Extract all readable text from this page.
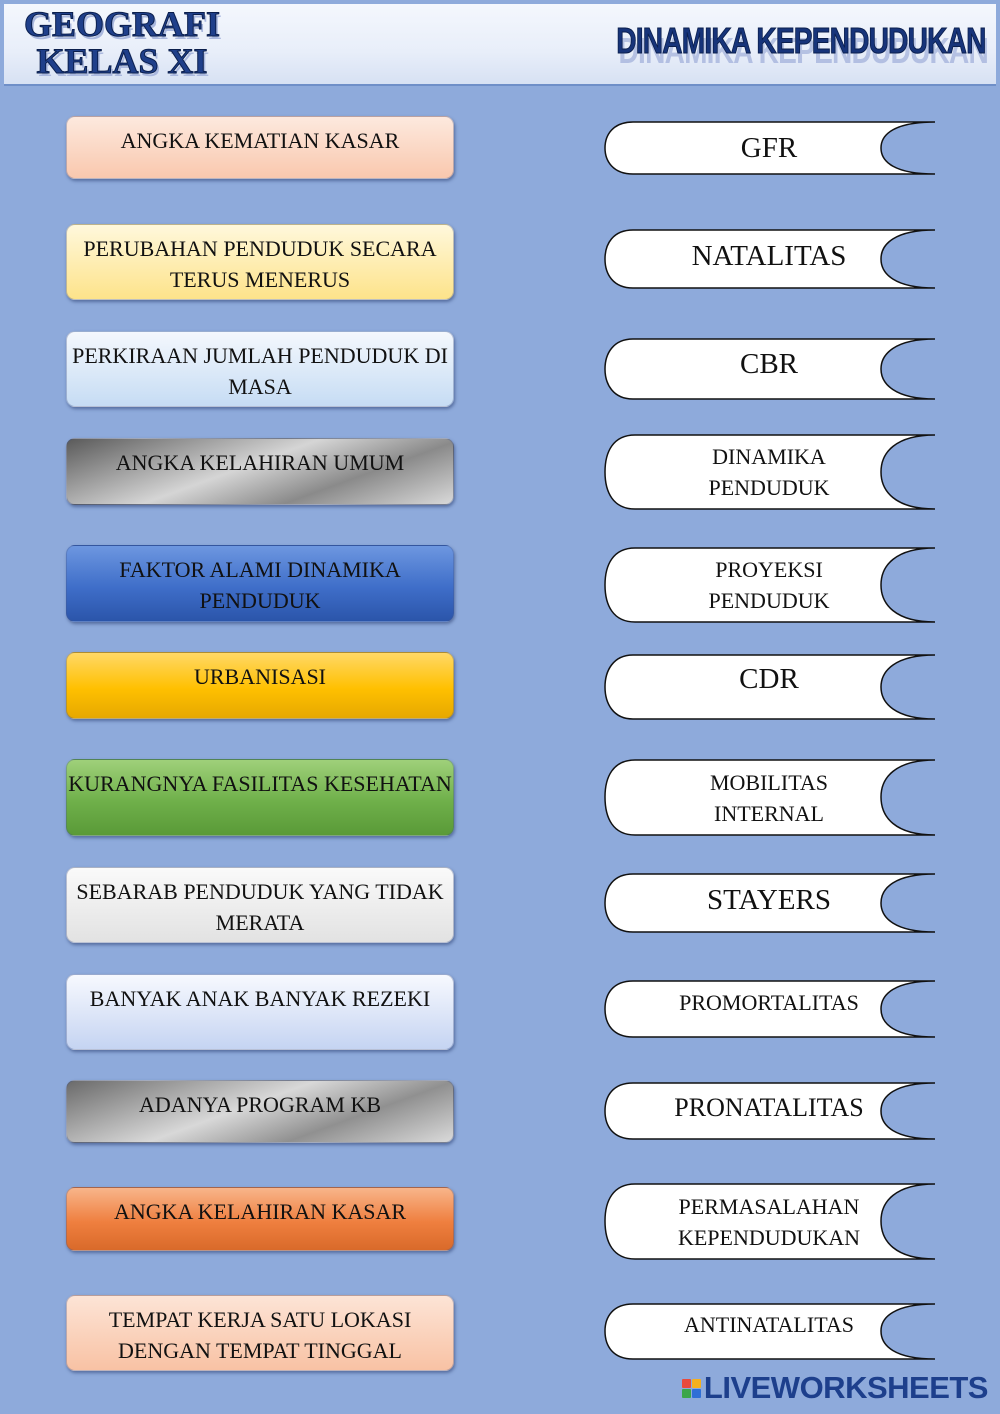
GEOGRAFI
KELAS XI	DINAMIKA KEPENDUDUKAN
ANGKA KEMATIAN KASAR
PERUBAHAN PENDUDUK SECARA TERUS MENERUS
PERKIRAAN JUMLAH PENDUDUK DI MASA
ANGKA KELAHIRAN UMUM
FAKTOR ALAMI DINAMIKA PENDUDUK
URBANISASI
KURANGNYA FASILITAS KESEHATAN
SEBARAB PENDUDUK YANG TIDAK MERATA
BANYAK ANAK BANYAK REZEKI
ADANYA PROGRAM KB
ANGKA KELAHIRAN KASAR
TEMPAT KERJA SATU LOKASI DENGAN TEMPAT TINGGAL
GFR
NATALITAS
CBR
DINAMIKA PENDUDUK
PROYEKSI PENDUDUK
CDR
MOBILITAS INTERNAL
STAYERS
PROMORTALITAS
PRONATALITAS
PERMASALAHAN KEPENDUDUKAN
ANTINATALITAS
LIVEWORKSHEETS
